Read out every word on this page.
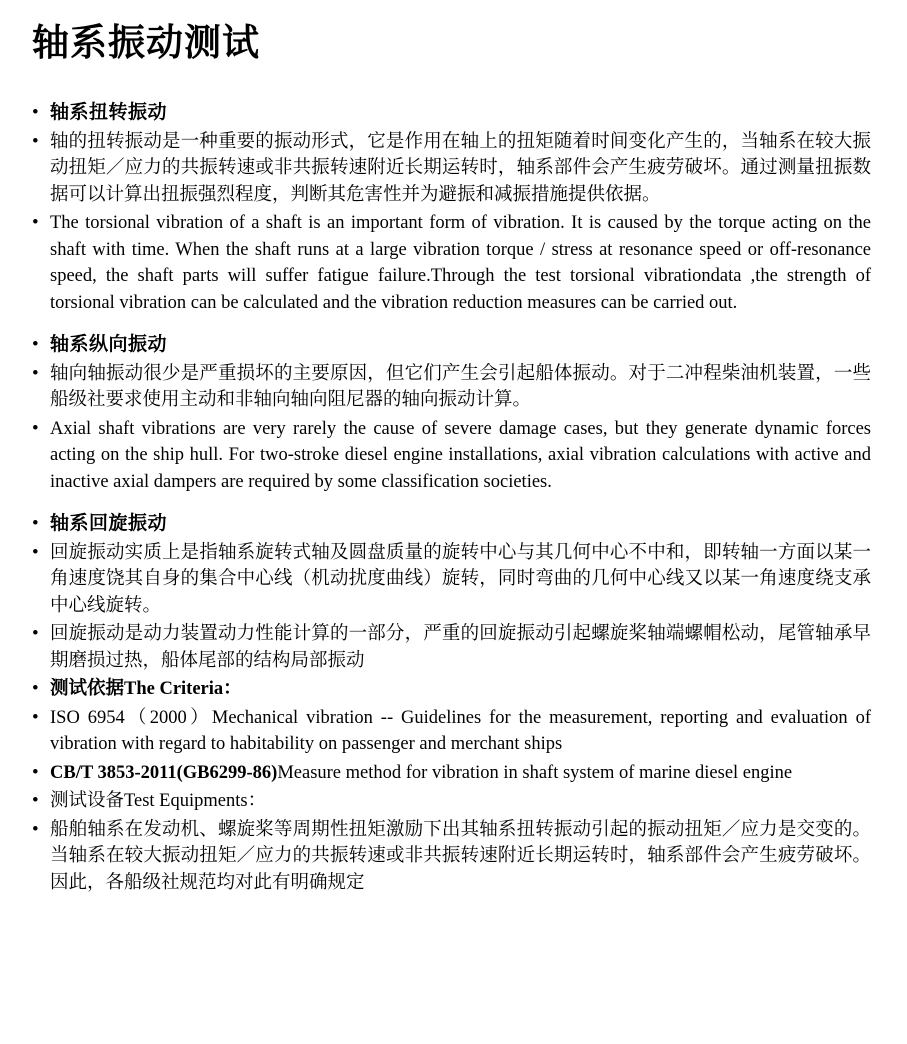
轴系振动测试
• 轴系扭转振动
• 轴的扭转振动是一种重要的振动形式，它是作用在轴上的扭矩随着时间变化产生的，当轴系在较大振动扭矩／应力的共振转速或非共振转速附近长期运转时，轴系部件会产生疲劳破坏。通过测量扭振数据可以计算出扭振强烈程度，判断其危害性并为避振和减振措施提供依据。
• The torsional vibration of a shaft is an important form of vibration. It is caused by the torque acting on the shaft with time. When the shaft runs at a large vibration torque / stress at resonance speed or off-resonance speed, the shaft parts will suffer fatigue failure.Through the test torsional vibrationdata ,the strength of torsional vibration can be calculated and the vibration reduction measures can be carried out.
• 轴系纵向振动
• 轴向轴振动很少是严重损坏的主要原因，但它们产生会引起船体振动。对于二冲程柴油机装置，一些船级社要求使用主动和非轴向轴向阻尼器的轴向振动计算。
• Axial shaft vibrations are very rarely the cause of severe damage cases, but they generate dynamic forces acting on the ship hull. For two-stroke diesel engine installations, axial vibration calculations with active and inactive axial dampers are required by some classification societies.
• 轴系回旋振动
• 回旋振动实质上是指轴系旋转式轴及圆盘质量的旋转中心与其几何中心不中和，即转轴一方面以某一角速度饶其自身的集合中心线（机动扰度曲线）旋转，同时弯曲的几何中心线又以某一角速度绕支承中心线旋转。
• 回旋振动是动力装置动力性能计算的一部分，严重的回旋振动引起螺旋桨轴端螺帽松动，尾管轴承早期磨损过热，船体尾部的结构局部振动
• 测试依据The Criteria：
• ISO 6954（2000）Mechanical vibration -- Guidelines for the measurement, reporting and evaluation of vibration with regard to habitability on passenger and merchant ships
• CB/T 3853-2011(GB6299-86)Measure method for vibration in shaft system of marine diesel engine
• 测试设备Test Equipments：
• 船舶轴系在发动机、螺旋桨等周期性扭矩激励下出其轴系扭转振动引起的振动扭矩／应力是交变的。当轴系在较大振动扭矩／应力的共振转速或非共振转速附近长期运转时，轴系部件会产生疲劳破坏。因此，各船级社规范均对此有明确规定
